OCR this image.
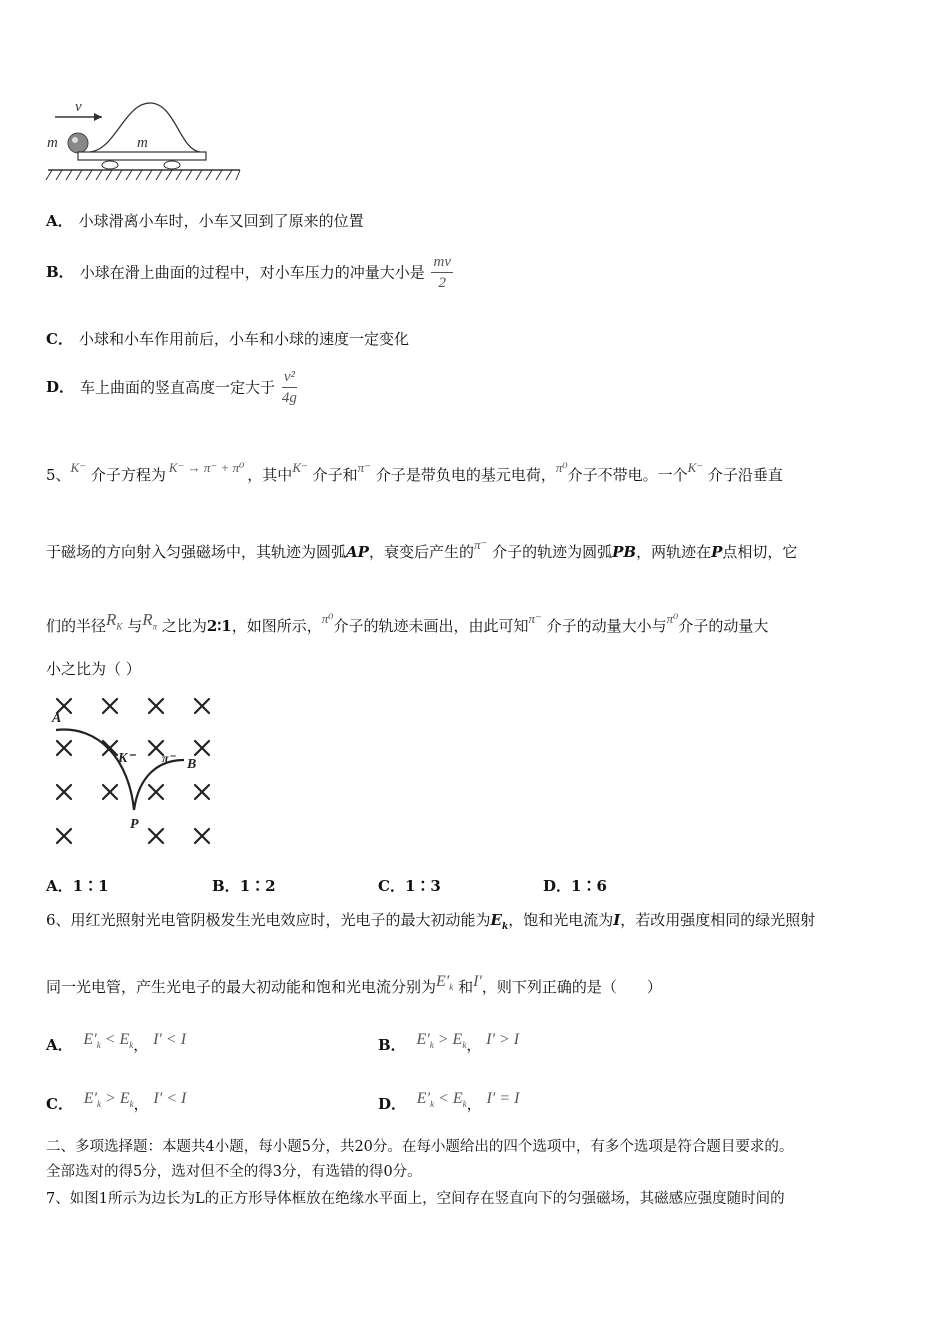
v
m	m
A． 小球滑离小车时，小车又回到了原来的位置
B． 小球在滑上曲面的过程中，对小车压力的冲量大小是 $\frac{mv}{2}$
C． 小球和小车作用前后，小车和小球的速度一定变化
D． 车上曲面的竖直高度一定大于 $\frac{\text{v²}}{4g}$
5、K⁻ 介子方程为 K⁻ → π⁻ + π⁰ ，其中K⁻ 介子和π⁻ 介子是带负电的基元电荷，π⁰介子不带电。一个K⁻ 介子沿垂直
于磁场的方向射入匀强磁场中，其轨迹为圆弧AP，衰变后产生的π⁻ 介子的轨迹为圆弧PB，两轨迹在P点相切，它
们的半径$R_K$ 与$R_\pi$ 之比为2∶1，如图所示，π⁰介子的轨迹未画出，由此可知π⁻ 介子的动量大小与π⁰介子的动量大
小之比为（ ）
A
K⁻ π⁻ B
P
A．1∶1	B．1∶2	C．1∶3	D．1∶6
6、用红光照射光电管阴极发生光电效应时，光电子的最大初动能为$E_k$，饱和光电流为I，若改用强度相同的绿光照射
同一光电管，产生光电子的最大初动能和饱和光电流分别为$E'_k$ 和I′，则下列正确的是（　　）
A． $E'_k < E_k$， I′ < I	B． $E'_k > E_k$， I′ > I
C． $E'_k > E_k$， I′ < I	D． $E'_k < E_k$， I′ = I
二、多项选择题：本题共4小题，每小题5分，共20分。在每小题给出的四个选项中，有多个选项是符合题目要求的。
全部选对的得5分，选对但不全的得3分，有选错的得0分。
7、如图1所示为边长为L的正方形导体框放在绝缘水平面上，空间存在竖直向下的匀强磁场，其磁感应强度随时间的
